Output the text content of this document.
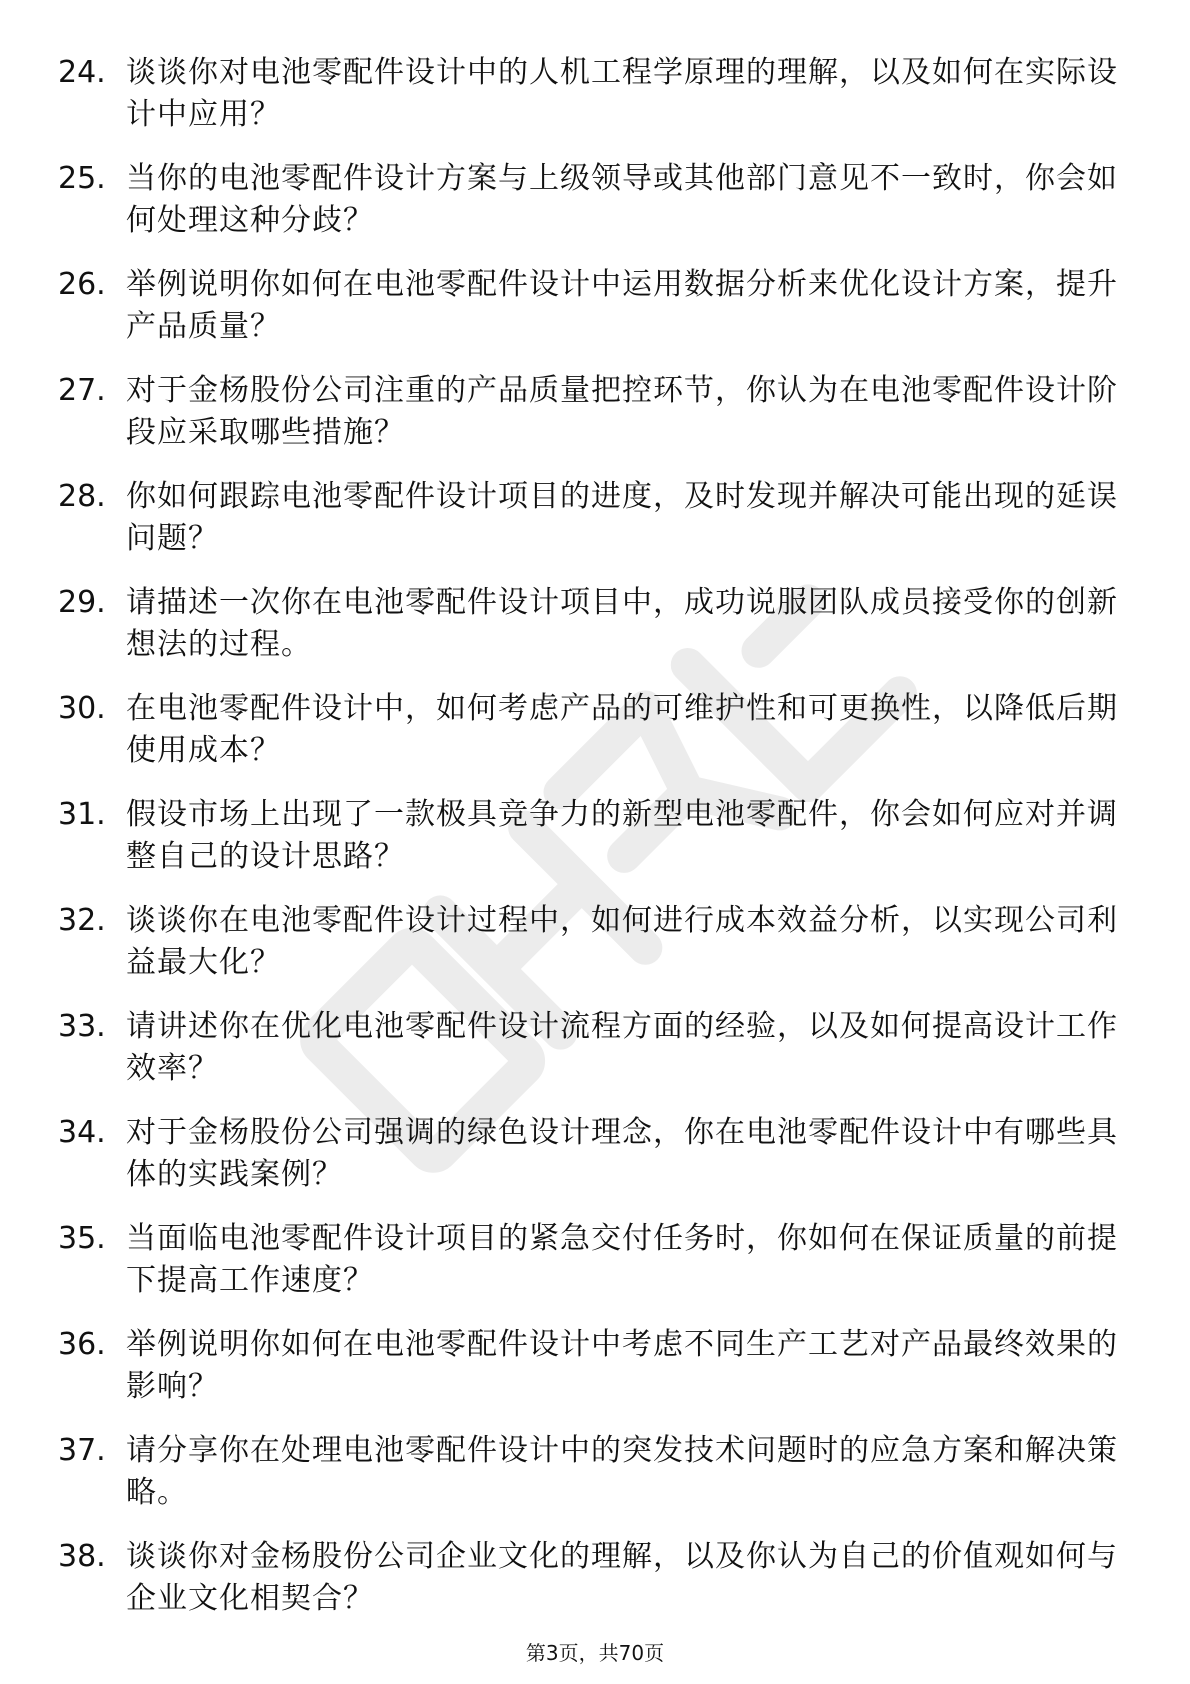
24. 谈谈你对电池零配件设计中的人机工程学原理的理解，以及如何在实际设计中应用？
25. 当你的电池零配件设计方案与上级领导或其他部门意见不一致时，你会如何处理这种分歧？
26. 举例说明你如何在电池零配件设计中运用数据分析来优化设计方案，提升产品质量？
27. 对于金杨股份公司注重的产品质量把控环节，你认为在电池零配件设计阶段应采取哪些措施？
28. 你如何跟踪电池零配件设计项目的进度，及时发现并解决可能出现的延误问题？
29. 请描述一次你在电池零配件设计项目中，成功说服团队成员接受你的创新想法的过程。
30. 在电池零配件设计中，如何考虑产品的可维护性和可更换性，以降低后期使用成本？
31. 假设市场上出现了一款极具竞争力的新型电池零配件，你会如何应对并调整自己的设计思路？
32. 谈谈你在电池零配件设计过程中，如何进行成本效益分析，以实现公司利益最大化？
33. 请讲述你在优化电池零配件设计流程方面的经验，以及如何提高设计工作效率？
34. 对于金杨股份公司强调的绿色设计理念，你在电池零配件设计中有哪些具体的实践案例？
35. 当面临电池零配件设计项目的紧急交付任务时，你如何在保证质量的前提下提高工作速度？
36. 举例说明你如何在电池零配件设计中考虑不同生产工艺对产品最终效果的影响？
37. 请分享你在处理电池零配件设计中的突发技术问题时的应急方案和解决策略。
38. 谈谈你对金杨股份公司企业文化的理解，以及你认为自己的价值观如何与企业文化相契合？
第3页，共70页
